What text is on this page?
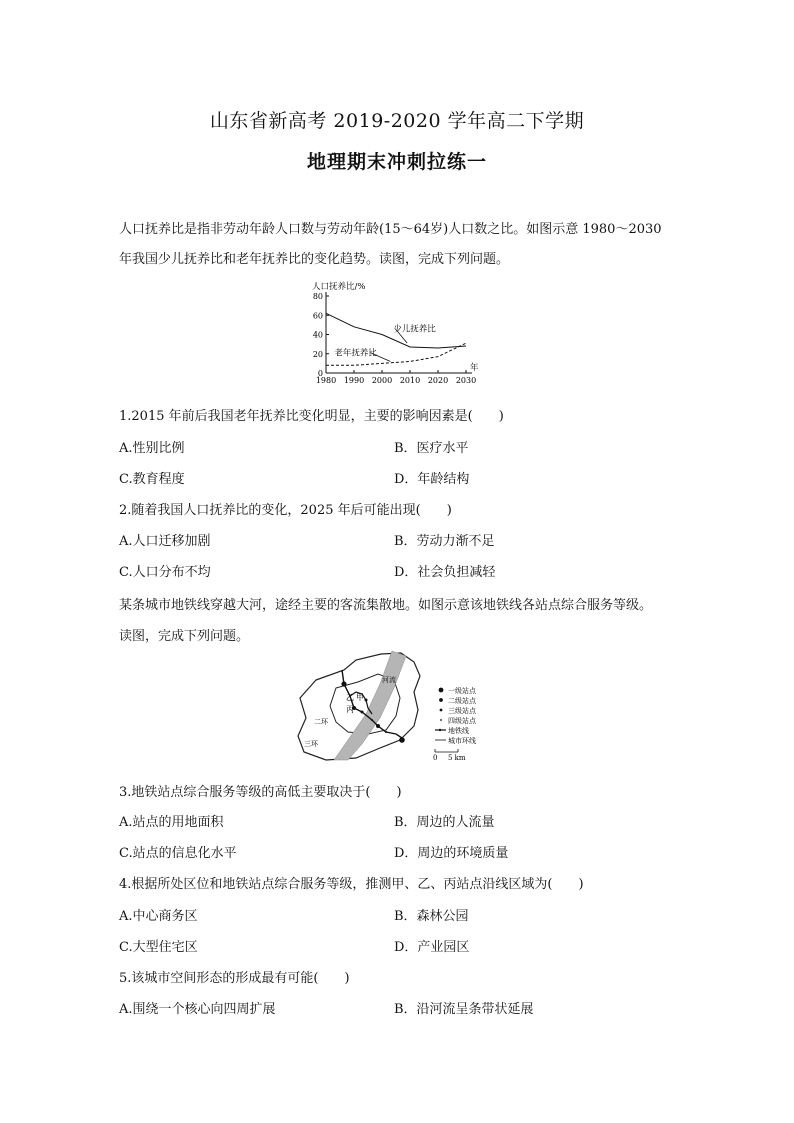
山东省新高考 2019-2020 学年高二下学期
地理期末冲刺拉练一
人口抚养比是指非劳动年龄人口数与劳动年龄(15～64岁)人口数之比。如图示意 1980～2030
年我国少儿抚养比和老年抚养比的变化趋势。读图，完成下列问题。
0
20
40
60
80
1980 1990 2000 2010 2020 2030
人口抚养比/%
年
少儿抚养比
老年抚养比
1.2015 年前后我国老年抚养比变化明显，主要的影响因素是(　　)
A.性别比例	B．医疗水平
C.教育程度	D．年龄结构
2.随着我国人口抚养比的变化，2025 年后可能出现(　　)
A.人口迁移加剧	B．劳动力渐不足
C.人口分布不均	D．社会负担减轻
某条城市地铁线穿越大河，途经主要的客流集散地。如图示意该地铁线各站点综合服务等级。
读图，完成下列问题。
乙
丙
甲
河流
二环
三环
一级站点
二级站点
三级站点
四级站点
地铁线
城市环线
0 5 km
3.地铁站点综合服务等级的高低主要取决于(　　)
A.站点的用地面积	B．周边的人流量
C.站点的信息化水平	D．周边的环境质量
4.根据所处区位和地铁站点综合服务等级，推测甲、乙、丙站点沿线区域为(　　)
A.中心商务区	B．森林公园
C.大型住宅区	D．产业园区
5.该城市空间形态的形成最有可能(　　)
A.围绕一个核心向四周扩展	B．沿河流呈条带状延展
